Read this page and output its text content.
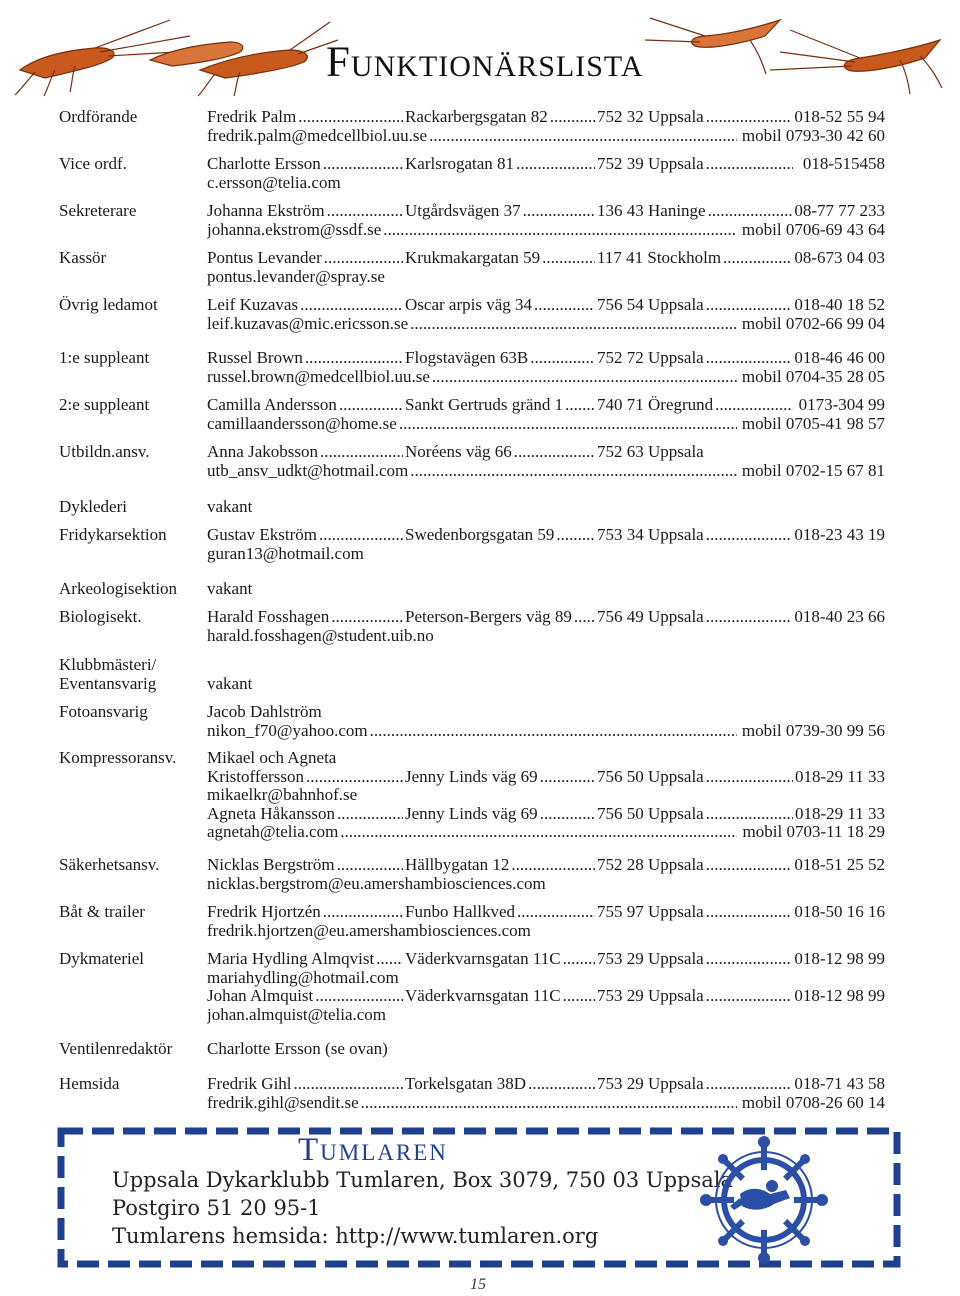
Funktionärslista
Ordförande	Fredrik Palm .....	Rackarbergsgatan 82 .....	752 32 Uppsala .....	018-52 55 94
fredrik.palm@medcellbiol.uu.se .....	mobil 0793-30 42 60
Vice ordf.	Charlotte Ersson .....	Karlsrogatan 81 .....	752 39 Uppsala .....	018-515458
c.ersson@telia.com
Sekreterare	Johanna Ekström .....	Utgårdsvägen 37 .....	136 43 Haninge .....	08-77 77 233
johanna.ekstrom@ssdf.se .....	mobil 0706-69 43 64
Kassör	Pontus Levander .....	Krukmakargatan 59 .....	117 41 Stockholm .....	08-673 04 03
pontus.levander@spray.se
Övrig ledamot	Leif Kuzavas .....	Oscar arpis väg 34 .....	756 54 Uppsala .....	018-40 18 52
leif.kuzavas@mic.ericsson.se .....	mobil 0702-66 99 04
1:e suppleant	Russel Brown .....	Flogstavägen 63B .....	752 72 Uppsala .....	018-46 46 00
russel.brown@medcellbiol.uu.se .....	mobil 0704-35 28 05
2:e suppleant	Camilla Andersson .....	Sankt Gertruds gränd 1 .....	740 71 Öregrund .....	0173-304 99
camillaandersson@home.se .....	mobil 0705-41 98 57
Utbildn.ansv.	Anna Jakobsson .....	Noréens väg 66 .....	752 63 Uppsala
utb_ansv_udkt@hotmail.com .....	mobil 0702-15 67 81
Dyklederi	vakant
Fridykarsektion Gustav Ekström .....	Swedenborgsgatan 59 .....	753 34 Uppsala .....	018-23 43 19
guran13@hotmail.com
Arkeologisektion vakant
Biologisekt.	Harald Fosshagen .....	Peterson-Bergers väg 89 .....	756 49 Uppsala .....	018-40 23 66
harald.fosshagen@student.uib.no
Klubbmästeri/
Eventansvarig	vakant
Fotoansvarig	Jacob Dahlström
nikon_f70@yahoo.com .....	mobil 0739-30 99 56
Kompressoransv. Mikael och Agneta
Kristoffersson .....	Jenny Linds väg 69 .....	756 50 Uppsala .....	018-29 11 33
mikaelkr@bahnhof.se
Agneta Håkansson .....	Jenny Linds väg 69 .....	756 50 Uppsala .....	018-29 11 33
agnetah@telia.com .....	mobil 0703-11 18 29
Säkerhetsansv.	Nicklas Bergström .....	Hällbygatan 12 .....	752 28 Uppsala .....	018-51 25 52
nicklas.bergstrom@eu.amershambiosciences.com
Båt & trailer	Fredrik Hjortzén .....	Funbo Hallkved .....	755 97 Uppsala .....	018-50 16 16
fredrik.hjortzen@eu.amershambiosciences.com
Dykmateriel	Maria Hydling Almqvist .....	Väderkvarnsgatan 11C .....	753 29 Uppsala .....	018-12 98 99
mariahydling@hotmail.com
Johan Almquist .....	Väderkvarnsgatan 11C .....	753 29 Uppsala .....	018-12 98 99
johan.almquist@telia.com
Ventilenredaktör Charlotte Ersson (se ovan)
Hemsida	Fredrik Gihl .....	Torkelsgatan 38D .....	753 29 Uppsala .....	018-71 43 58
fredrik.gihl@sendit.se .....	mobil 0708-26 60 14
Tumlaren
Uppsala Dykarklubb Tumlaren, Box 3079, 750 03 Uppsala
Postgiro 51 20 95-1
Tumlarens hemsida: http://www.tumlaren.org
15
